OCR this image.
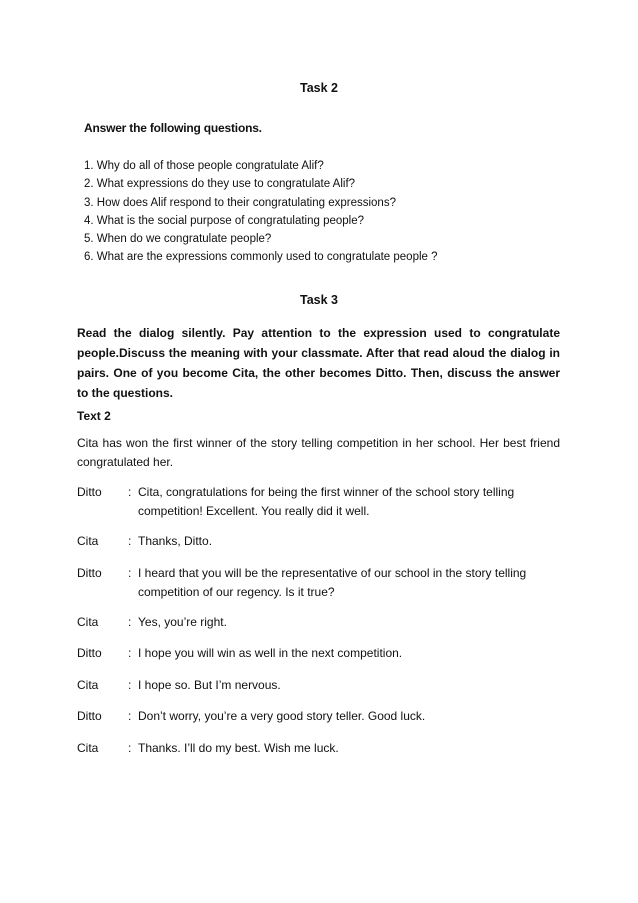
Task 2
Answer the following questions.
1. Why do all of those people congratulate Alif?
2. What expressions do they use to congratulate Alif?
3. How does Alif respond to their congratulating expressions?
4. What is the social purpose of congratulating people?
5. When do we congratulate people?
6. What are the expressions commonly used to congratulate people ?
Task 3

Read the dialog silently. Pay attention to the expression used to congratulate people.Discuss the meaning with your classmate. After that read aloud the dialog in pairs. One of you become Cita, the other becomes Ditto. Then, discuss the answer to the questions.

Text 2

Cita has won the first winner of the story telling competition in her school. Her best friend congratulated her.

Ditto	: Cita, congratulations for being the first winner of the school story telling
competition! Excellent. You really did it well.
Cita	: Thanks, Ditto.
Ditto	: I heard that you will be the representative of our school in the story telling
competition of our regency. Is it true?
Cita	: Yes, you’re right.
Ditto	: I hope you will win as well in the next competition.
Cita	: I hope so. But I’m nervous.
Ditto	: Don’t worry, you’re a very good story teller. Good luck.
Cita	: Thanks. I’ll do my best. Wish me luck.
